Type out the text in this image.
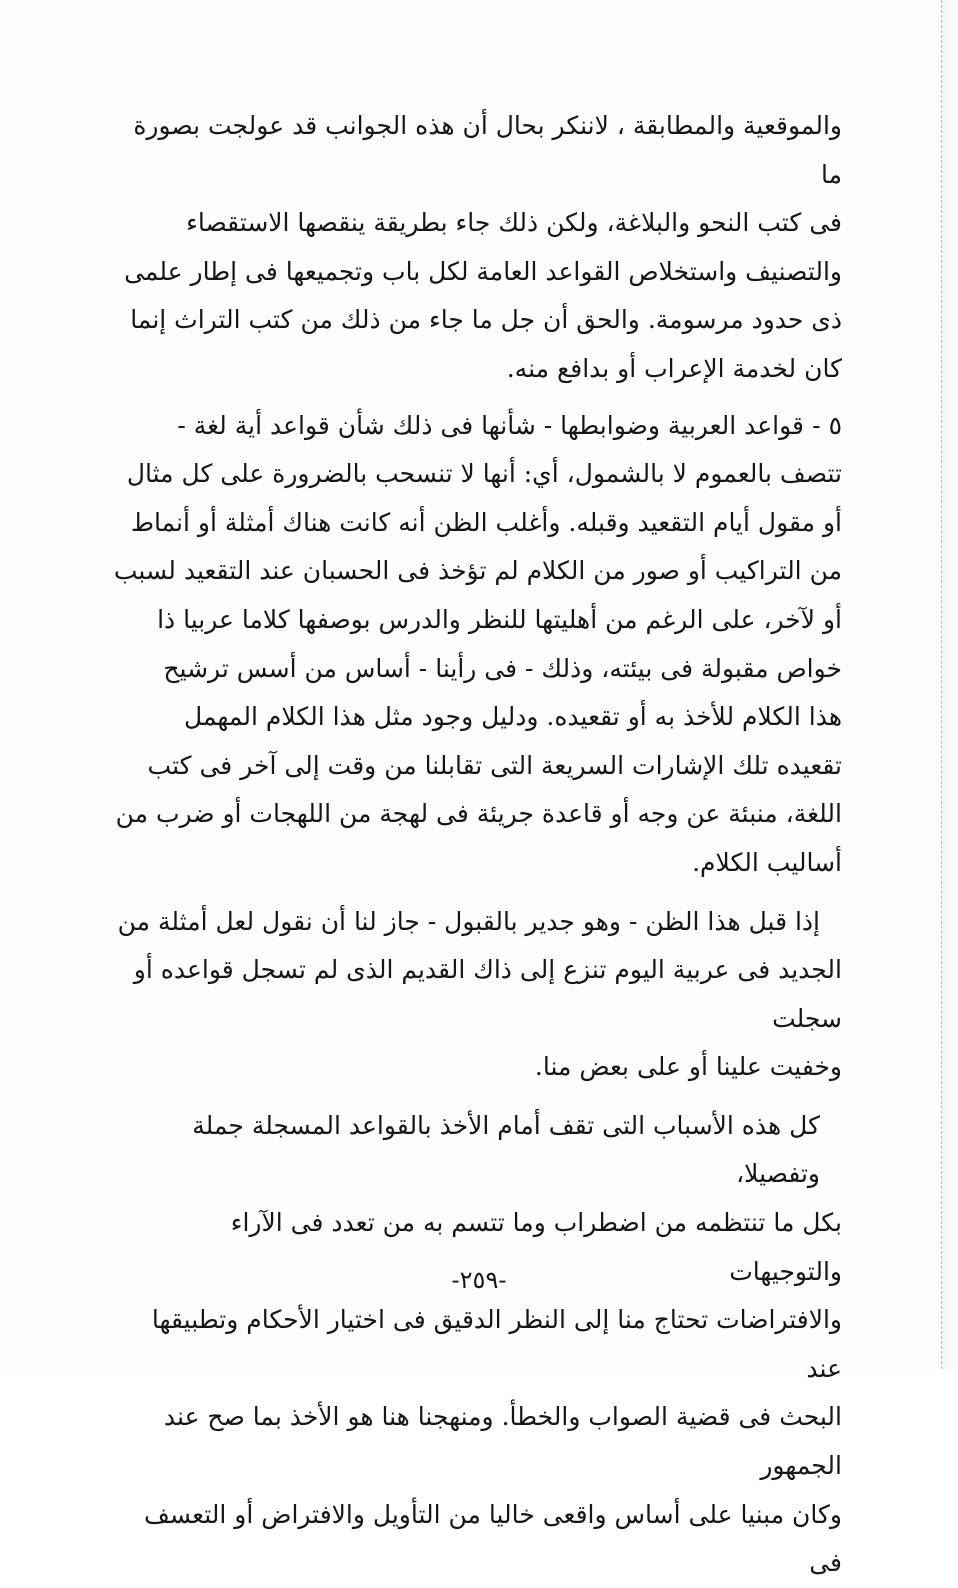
والموقعية والمطابقة ، لاننكر بحال أن هذه الجوانب قد عولجت بصورة ما

فى كتب النحو والبلاغة، ولكن ذلك جاء بطريقة ينقصها الاستقصاء

والتصنيف واستخلاص القواعد العامة لكل باب وتجميعها فى إطار علمى

ذى حدود مرسومة. والحق أن جل ما جاء من ذلك من كتب التراث إنما

كان لخدمة الإعراب أو بدافع منه.

٥ -

قواعد العربية وضوابطها - شأنها فى ذلك شأن قواعد أية لغة -

تتصف بالعموم لا بالشمول، أي: أنها لا تنسحب بالضرورة على كل مثال

أو مقول أيام التقعيد وقبله. وأغلب الظن أنه كانت هناك أمثلة أو أنماط

من التراكيب أو صور من الكلام لم تؤخذ فى الحسبان عند التقعيد لسبب

أو لآخر، على الرغم من أهليتها للنظر والدرس بوصفها كلاما عربيا ذا

خواص مقبولة فى بيئته، وذلك - فى رأينا - أساس من أسس ترشيح

هذا الكلام للأخذ به أو تقعيده. ودليل وجود مثل هذا الكلام المهمل

تقعيده تلك الإشارات السريعة التى تقابلنا من وقت إلى آخر فى كتب

اللغة، منبئة عن وجه أو قاعدة جريئة فى لهجة من اللهجات أو ضرب من

أساليب الكلام.

إذا قبل هذا الظن - وهو جدير بالقبول - جاز لنا أن نقول لعل أمثلة من

الجديد فى عربية اليوم تنزع إلى ذاك القديم الذى لم تسجل قواعده أو سجلت

وخفيت علينا أو على بعض منا.

كل هذه الأسباب التى تقف أمام الأخذ بالقواعد المسجلة جملة وتفصيلا،

بكل ما تنتظمه من اضطراب وما تتسم به من تعدد فى الآراء والتوجيهات

والافتراضات تحتاج منا إلى النظر الدقيق فى اختيار الأحكام وتطبيقها عند

البحث فى قضية الصواب والخطأ. ومنهجنا هنا هو الأخذ بما صح عند الجمهور

وكان مبنيا على أساس واقعى خاليا من التأويل والافتراض أو التعسف فى

-٢٥٩-
